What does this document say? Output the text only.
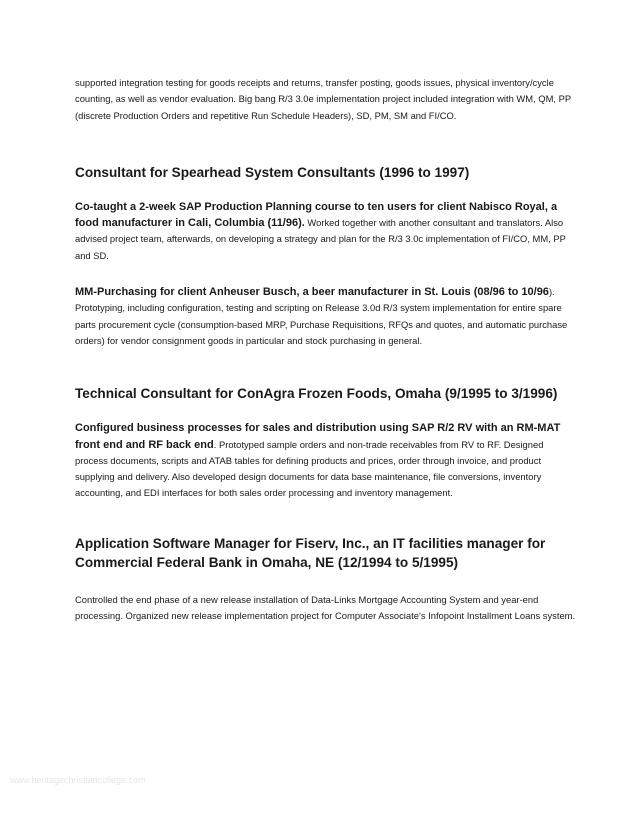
supported integration testing for goods receipts and returns, transfer posting, goods issues, physical inventory/cycle counting, as well as vendor evaluation. Big bang R/3 3.0e implementation project included integration with WM, QM, PP (discrete Production Orders and repetitive Run Schedule Headers), SD, PM, SM and FI/CO.

Consultant for Spearhead System Consultants (1996 to 1997)

Co-taught a 2-week SAP Production Planning course to ten users for client Nabisco Royal, a food manufacturer in Cali, Columbia (11/96). Worked together with another consultant and translators. Also advised project team, afterwards, on developing a strategy and plan for the R/3 3.0c implementation of FI/CO, MM, PP and SD.

MM-Purchasing for client Anheuser Busch, a beer manufacturer in St. Louis (08/96 to 10/96). Prototyping, including configuration, testing and scripting on Release 3.0d R/3 system implementation for entire spare parts procurement cycle (consumption-based MRP, Purchase Requisitions, RFQs and quotes, and automatic purchase orders) for vendor consignment goods in particular and stock purchasing in general.

Technical Consultant for ConAgra Frozen Foods, Omaha (9/1995 to 3/1996)

Configured business processes for sales and distribution using SAP R/2 RV with an RM-MAT front end and RF back end. Prototyped sample orders and non-trade receivables from RV to RF. Designed process documents, scripts and ATAB tables for defining products and prices, order through invoice, and product supplying and delivery. Also developed design documents for data base maintenance, file conversions, inventory accounting, and EDI interfaces for both sales order processing and inventory management.

Application Software Manager for Fiserv, Inc., an IT facilities manager for Commercial Federal Bank in Omaha, NE (12/1994 to 5/1995)

Controlled the end phase of a new release installation of Data-Links Mortgage Accounting System and year-end processing. Organized new release implementation project for Computer Associate’s Infopoint Installment Loans system.

www.heritagechristiancollege.com
